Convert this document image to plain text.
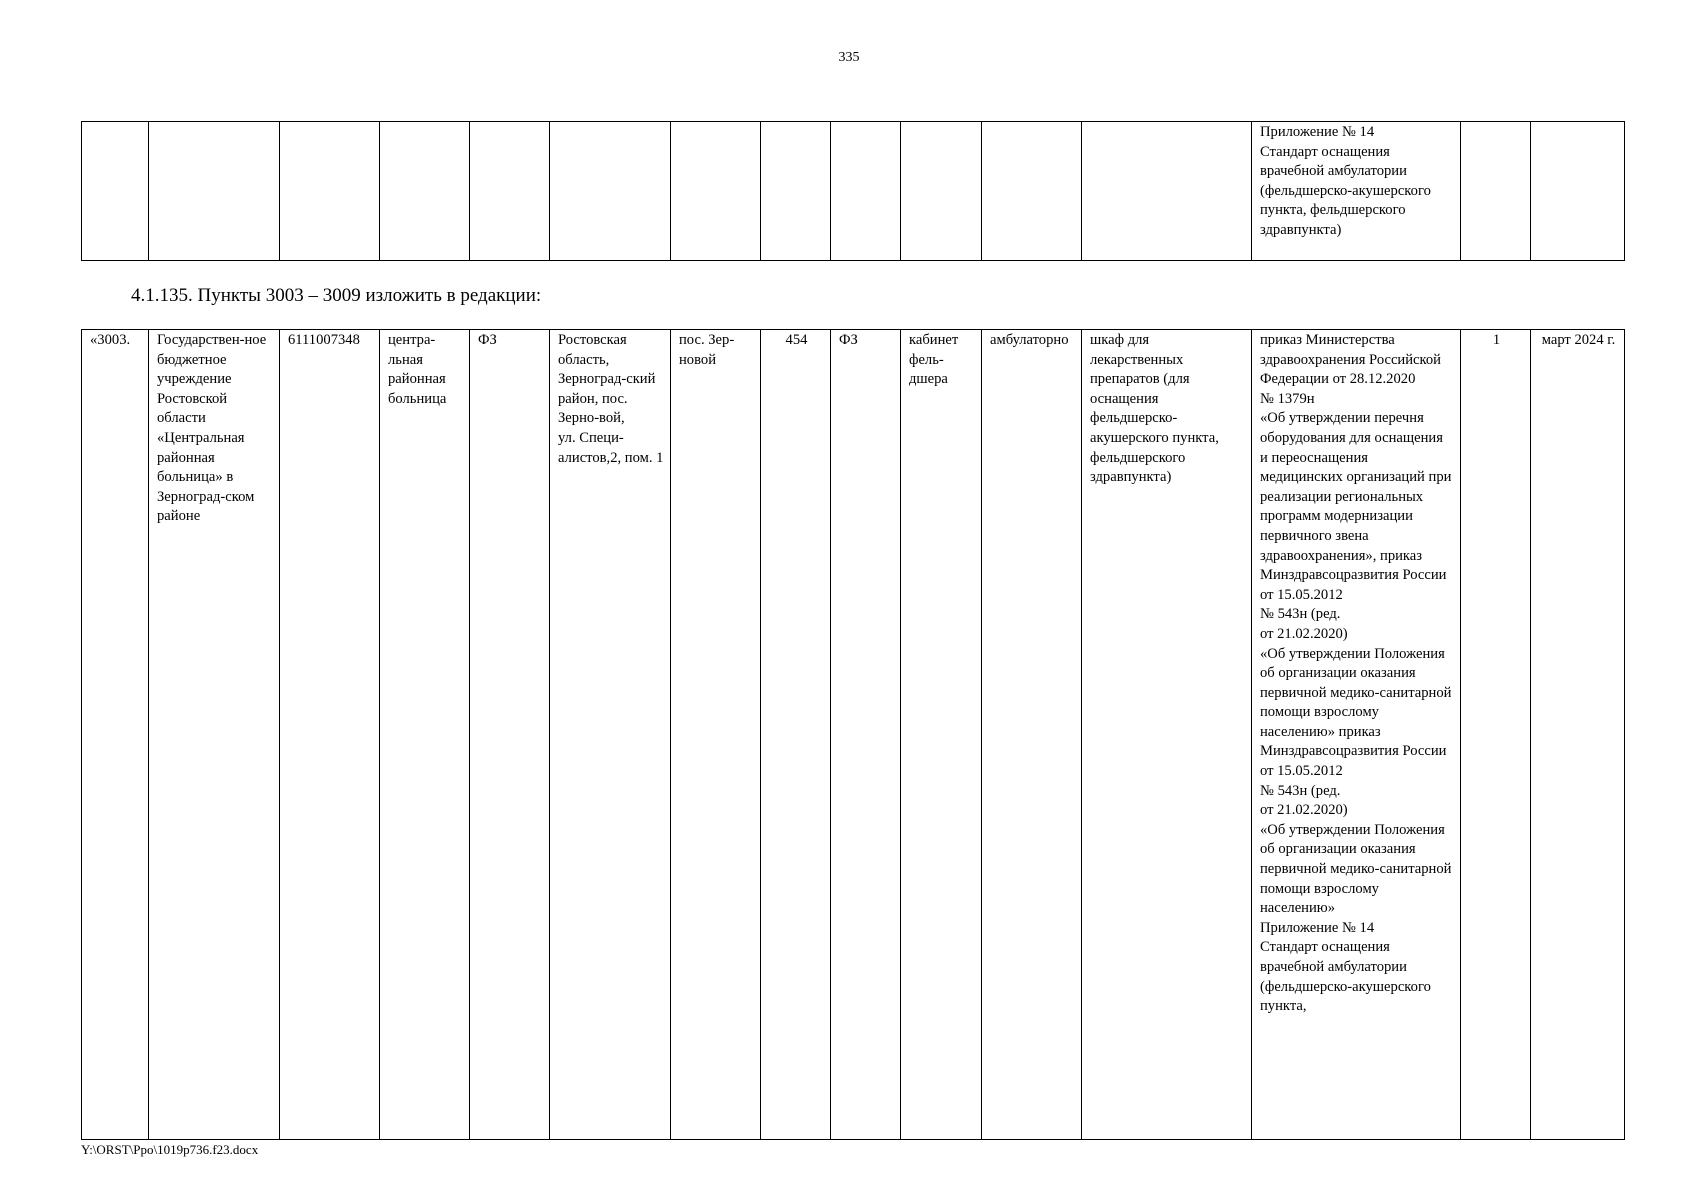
335
												Приложение № 14
Стандарт оснащения врачебной амбулатории (фельдшерско-акушерского пункта, фельдшерского здравпункта)		
4.1.135. Пункты 3003 – 3009 изложить в редакции:
«3003.	Государствен-ное бюджетное учреждение Ростовской области «Центральная районная больница» в Зерноград-ском районе	6111007348	центра-льная районная больница	ФЗ	Ростовская область, Зерноград-ский район, пос. Зерно-вой,
ул. Специ-алистов,2, пом. 1	пос. Зер-новой	454	ФЗ	кабинет фель-дшера	амбулаторно	шкаф для лекарственных препаратов (для оснащения фельдшерско-акушерского пункта, фельдшерского здравпункта)	приказ Министерства здравоохранения Российской Федерации от 28.12.2020
№ 1379н
«Об утверждении перечня оборудования для оснащения и переоснащения медицинских организаций при реализации региональных программ модернизации первичного звена здравоохранения», приказ Минздравсоцразвития России от 15.05.2012
№ 543н (ред.
от 21.02.2020)
«Об утверждении Положения об организации оказания первичной медико-санитарной помощи взрослому населению» приказ Минздравсоцразвития России от 15.05.2012
№ 543н (ред.
от 21.02.2020)
«Об утверждении Положения об организации оказания первичной медико-санитарной помощи взрослому населению»
Приложение № 14
Стандарт оснащения врачебной амбулатории (фельдшерско-акушерского пункта,	1	март 2024 г.
Y:\ORST\Ppo\1019p736.f23.docx
